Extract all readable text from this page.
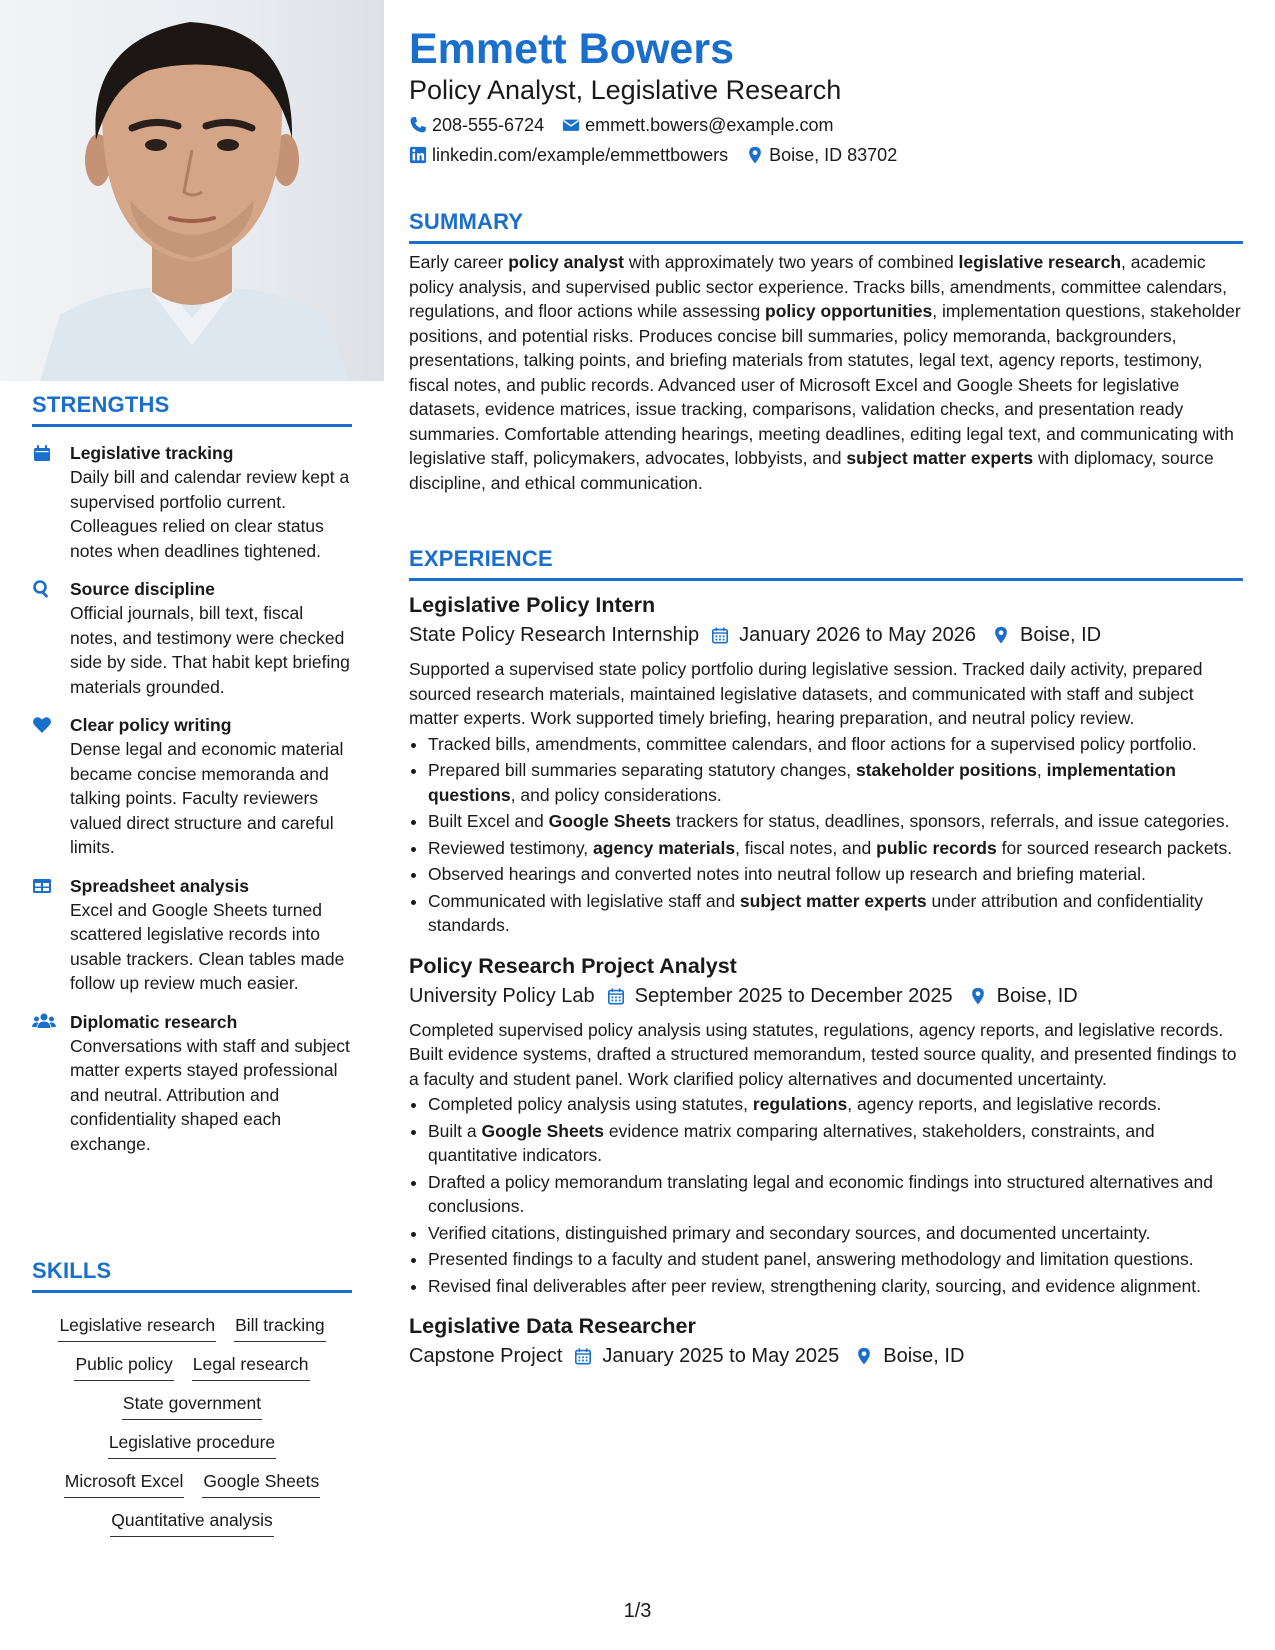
STRENGTHS
Legislative tracking
Daily bill and calendar review kept a supervised portfolio current. Colleagues relied on clear status notes when deadlines tightened.
Source discipline
Official journals, bill text, fiscal notes, and testimony were checked side by side. That habit kept briefing materials grounded.
Clear policy writing
Dense legal and economic material became concise memoranda and talking points. Faculty reviewers valued direct structure and careful limits.
Spreadsheet analysis
Excel and Google Sheets turned scattered legislative records into usable trackers. Clean tables made follow up review much easier.
Diplomatic research
Conversations with staff and subject matter experts stayed professional and neutral. Attribution and confidentiality shaped each exchange.
SKILLS
Legislative research Bill tracking
Public policy Legal research
State government
Legislative procedure
Microsoft Excel Google Sheets
Quantitative analysis
Emmett Bowers
Policy Analyst, Legislative Research
208-555-6724 emmett.bowers@example.com
linkedin.com/example/emmettbowers Boise, ID 83702
SUMMARY
Early career policy analyst with approximately two years of combined legislative research, academic policy analysis, and supervised public sector experience. Tracks bills, amendments, committee calendars, regulations, and floor actions while assessing policy opportunities, implementation questions, stakeholder positions, and potential risks. Produces concise bill summaries, policy memoranda, backgrounders, presentations, talking points, and briefing materials from statutes, legal text, agency reports, testimony, fiscal notes, and public records. Advanced user of Microsoft Excel and Google Sheets for legislative datasets, evidence matrices, issue tracking, comparisons, validation checks, and presentation ready summaries. Comfortable attending hearings, meeting deadlines, editing legal text, and communicating with legislative staff, policymakers, advocates, lobbyists, and subject matter experts with diplomacy, source discipline, and ethical communication.
EXPERIENCE
Legislative Policy Intern
State Policy Research Internship January 2026 to May 2026 Boise, ID
Supported a supervised state policy portfolio during legislative session. Tracked daily activity, prepared sourced research materials, maintained legislative datasets, and communicated with staff and subject matter experts. Work supported timely briefing, hearing preparation, and neutral policy review.
• Tracked bills, amendments, committee calendars, and floor actions for a supervised policy portfolio.
• Prepared bill summaries separating statutory changes, stakeholder positions, implementation questions, and policy considerations.
• Built Excel and Google Sheets trackers for status, deadlines, sponsors, referrals, and issue categories.
• Reviewed testimony, agency materials, fiscal notes, and public records for sourced research packets.
• Observed hearings and converted notes into neutral follow up research and briefing material.
• Communicated with legislative staff and subject matter experts under attribution and confidentiality standards.
Policy Research Project Analyst
University Policy Lab September 2025 to December 2025 Boise, ID
Completed supervised policy analysis using statutes, regulations, agency reports, and legislative records. Built evidence systems, drafted a structured memorandum, tested source quality, and presented findings to a faculty and student panel. Work clarified policy alternatives and documented uncertainty.
• Completed policy analysis using statutes, regulations, agency reports, and legislative records.
• Built a Google Sheets evidence matrix comparing alternatives, stakeholders, constraints, and quantitative indicators.
• Drafted a policy memorandum translating legal and economic findings into structured alternatives and conclusions.
• Verified citations, distinguished primary and secondary sources, and documented uncertainty.
• Presented findings to a faculty and student panel, answering methodology and limitation questions.
• Revised final deliverables after peer review, strengthening clarity, sourcing, and evidence alignment.
Legislative Data Researcher
Capstone Project January 2025 to May 2025 Boise, ID
1/3
